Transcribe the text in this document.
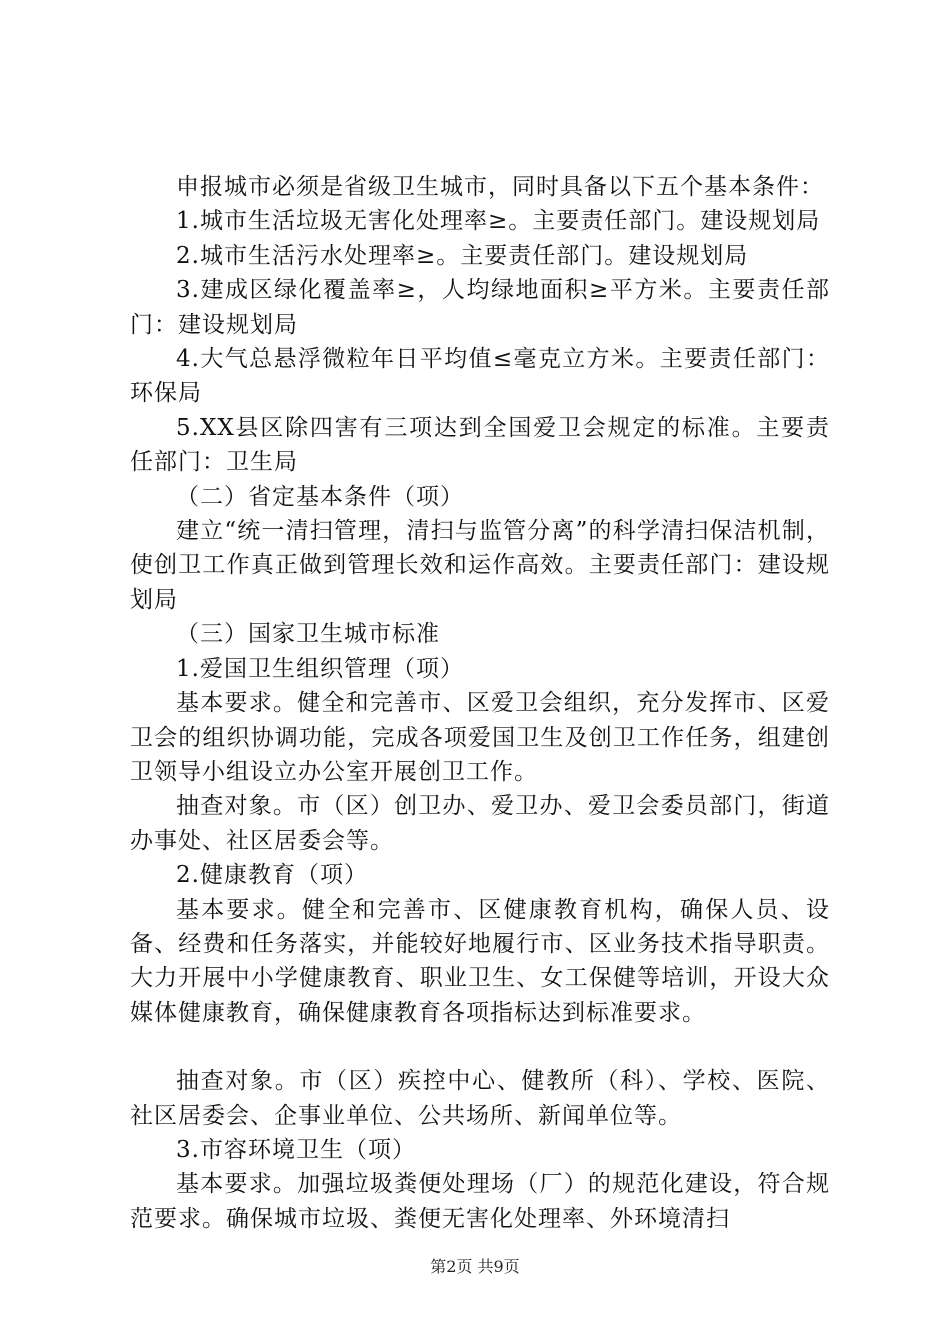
申报城市必须是省级卫生城市，同时具备以下五个基本条件：

1.城市生活垃圾无害化处理率≥。主要责任部门。建设规划局

2.城市生活污水处理率≥。主要责任部门。建设规划局

3.建成区绿化覆盖率≥，人均绿地面积≥平方米。主要责任部门：建设规划局

4.大气总悬浮微粒年日平均值≤毫克立方米。主要责任部门：环保局

5.XX县区除四害有三项达到全国爱卫会规定的标准。主要责任部门：卫生局

（二）省定基本条件（项）

建立“统一清扫管理，清扫与监管分离”的科学清扫保洁机制，使创卫工作真正做到管理长效和运作高效。主要责任部门：建设规划局

（三）国家卫生城市标准

1.爱国卫生组织管理（项）

基本要求。健全和完善市、区爱卫会组织，充分发挥市、区爱卫会的组织协调功能，完成各项爱国卫生及创卫工作任务，组建创卫领导小组设立办公室开展创卫工作。

抽查对象。市（区）创卫办、爱卫办、爱卫会委员部门，街道办事处、社区居委会等。

2.健康教育（项）

基本要求。健全和完善市、区健康教育机构，确保人员、设备、经费和任务落实，并能较好地履行市、区业务技术指导职责。大力开展中小学健康教育、职业卫生、女工保健等培训，开设大众媒体健康教育，确保健康教育各项指标达到标准要求。

抽查对象。市（区）疾控中心、健教所（科）、学校、医院、社区居委会、企事业单位、公共场所、新闻单位等。

3.市容环境卫生（项）

基本要求。加强垃圾粪便处理场（厂）的规范化建设，符合规范要求。确保城市垃圾、粪便无害化处理率、外环境清扫

第2页 共9页
